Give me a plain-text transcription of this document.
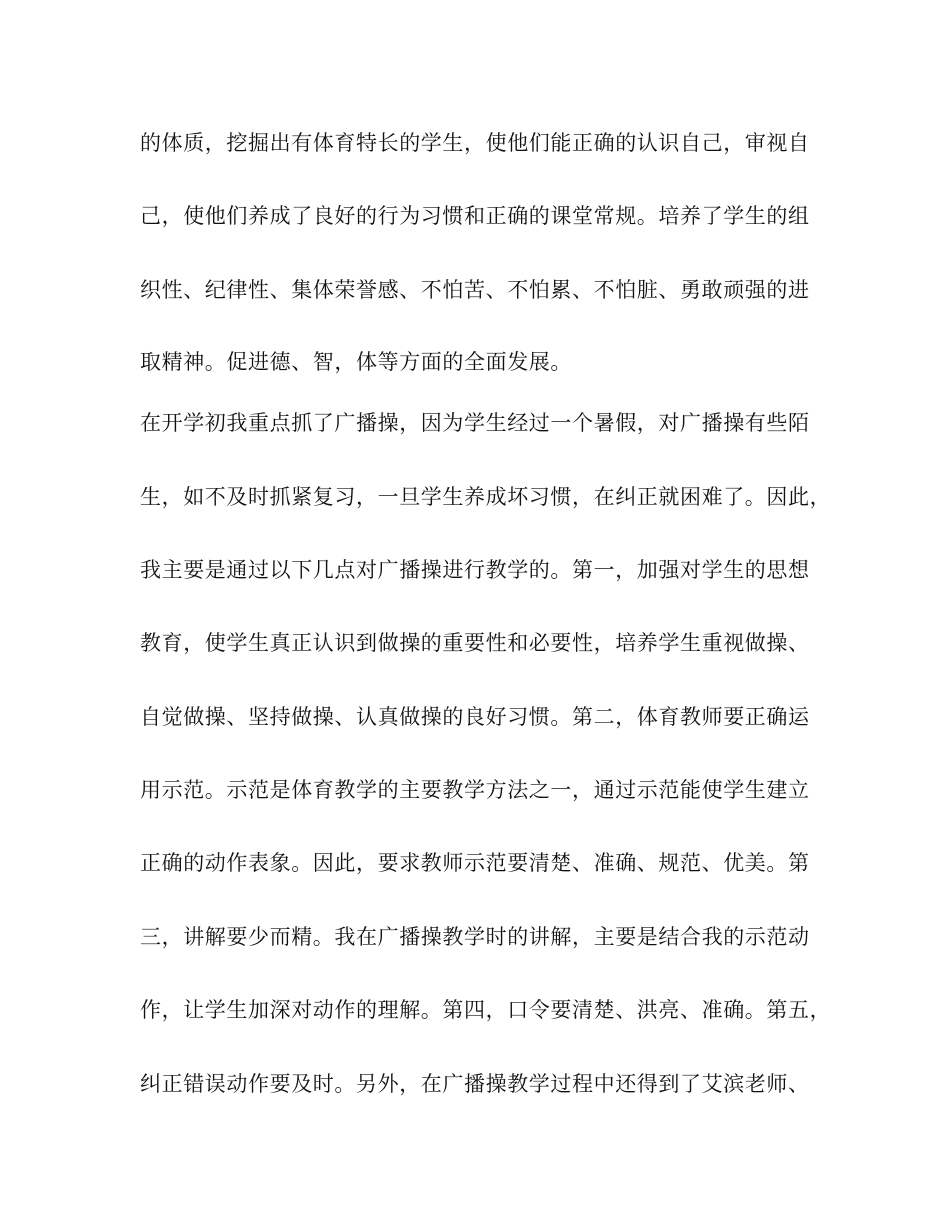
的体质，挖掘出有体育特长的学生，使他们能正确的认识自己，审视自
己，使他们养成了良好的行为习惯和正确的课堂常规。培养了学生的组
织性、纪律性、集体荣誉感、不怕苦、不怕累、不怕脏、勇敢顽强的进
取精神。促进德、智，体等方面的全面发展。
在开学初我重点抓了广播操，因为学生经过一个暑假，对广播操有些陌
生，如不及时抓紧复习，一旦学生养成坏习惯，在纠正就困难了。因此，
我主要是通过以下几点对广播操进行教学的。第一，加强对学生的思想
教育，使学生真正认识到做操的重要性和必要性，培养学生重视做操、
自觉做操、坚持做操、认真做操的良好习惯。第二，体育教师要正确运
用示范。示范是体育教学的主要教学方法之一，通过示范能使学生建立
正确的动作表象。因此，要求教师示范要清楚、准确、规范、优美。第
三，讲解要少而精。我在广播操教学时的讲解，主要是结合我的示范动
作，让学生加深对动作的理解。第四，口令要清楚、洪亮、准确。第五，
纠正错误动作要及时。另外，在广播操教学过程中还得到了艾滨老师、
